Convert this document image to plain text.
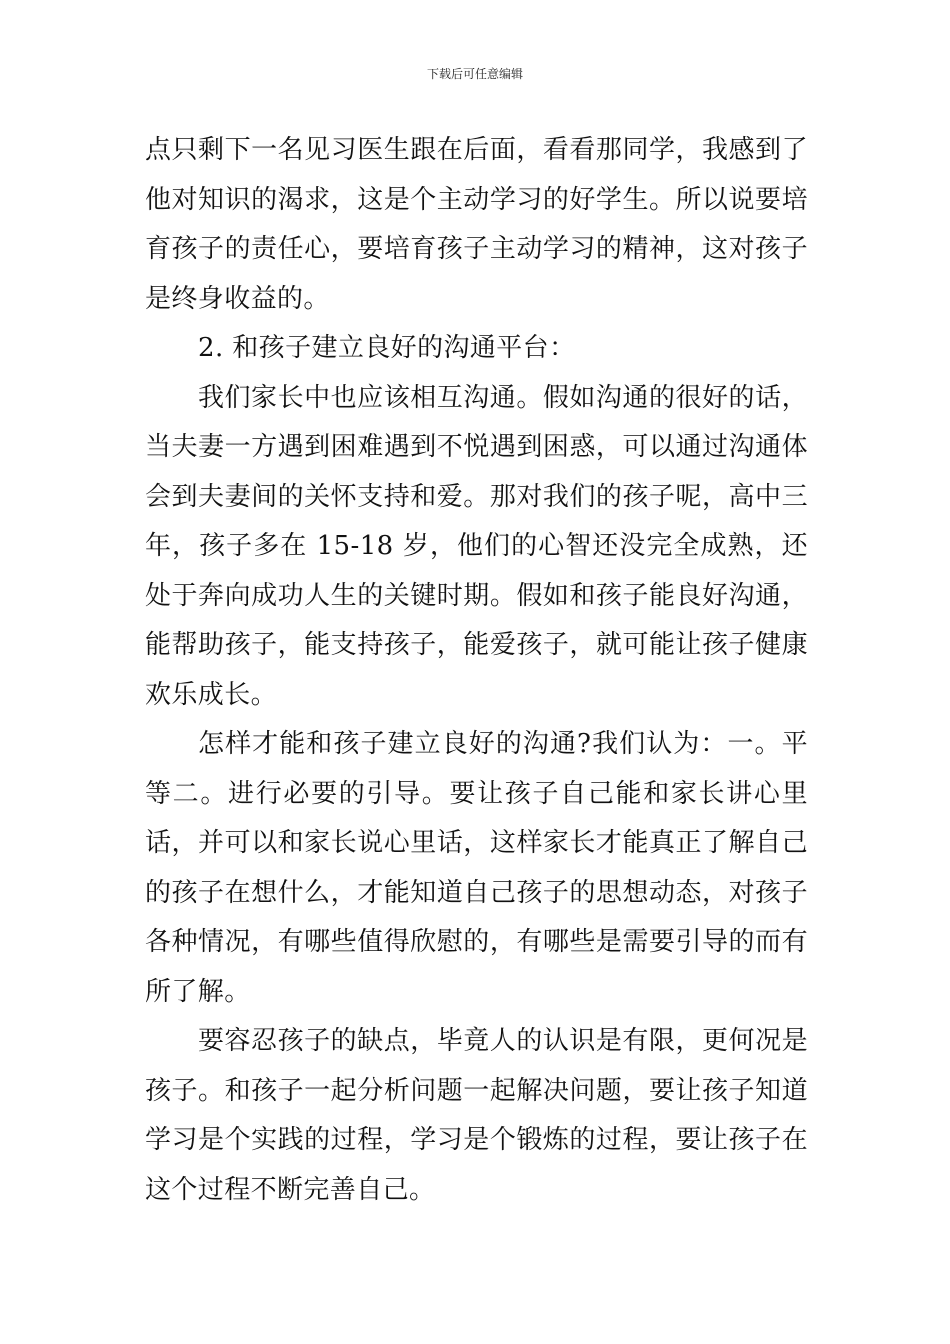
下载后可任意编辑

点只剩下一名见习医生跟在后面，看看那同学，我感到了他对知识的渴求，这是个主动学习的好学生。所以说要培育孩子的责任心，要培育孩子主动学习的精神，这对孩子是终身收益的。

2. 和孩子建立良好的沟通平台：

我们家长中也应该相互沟通。假如沟通的很好的话，当夫妻一方遇到困难遇到不悦遇到困惑，可以通过沟通体会到夫妻间的关怀支持和爱。那对我们的孩子呢，高中三年，孩子多在 15-18 岁，他们的心智还没完全成熟，还处于奔向成功人生的关键时期。假如和孩子能良好沟通，能帮助孩子，能支持孩子，能爱孩子，就可能让孩子健康欢乐成长。

怎样才能和孩子建立良好的沟通?我们认为：一。平等二。进行必要的引导。要让孩子自己能和家长讲心里话，并可以和家长说心里话，这样家长才能真正了解自己的孩子在想什么，才能知道自己孩子的思想动态，对孩子各种情况，有哪些值得欣慰的，有哪些是需要引导的而有所了解。

要容忍孩子的缺点，毕竟人的认识是有限，更何况是孩子。和孩子一起分析问题一起解决问题，要让孩子知道学习是个实践的过程，学习是个锻炼的过程，要让孩子在这个过程不断完善自己。
